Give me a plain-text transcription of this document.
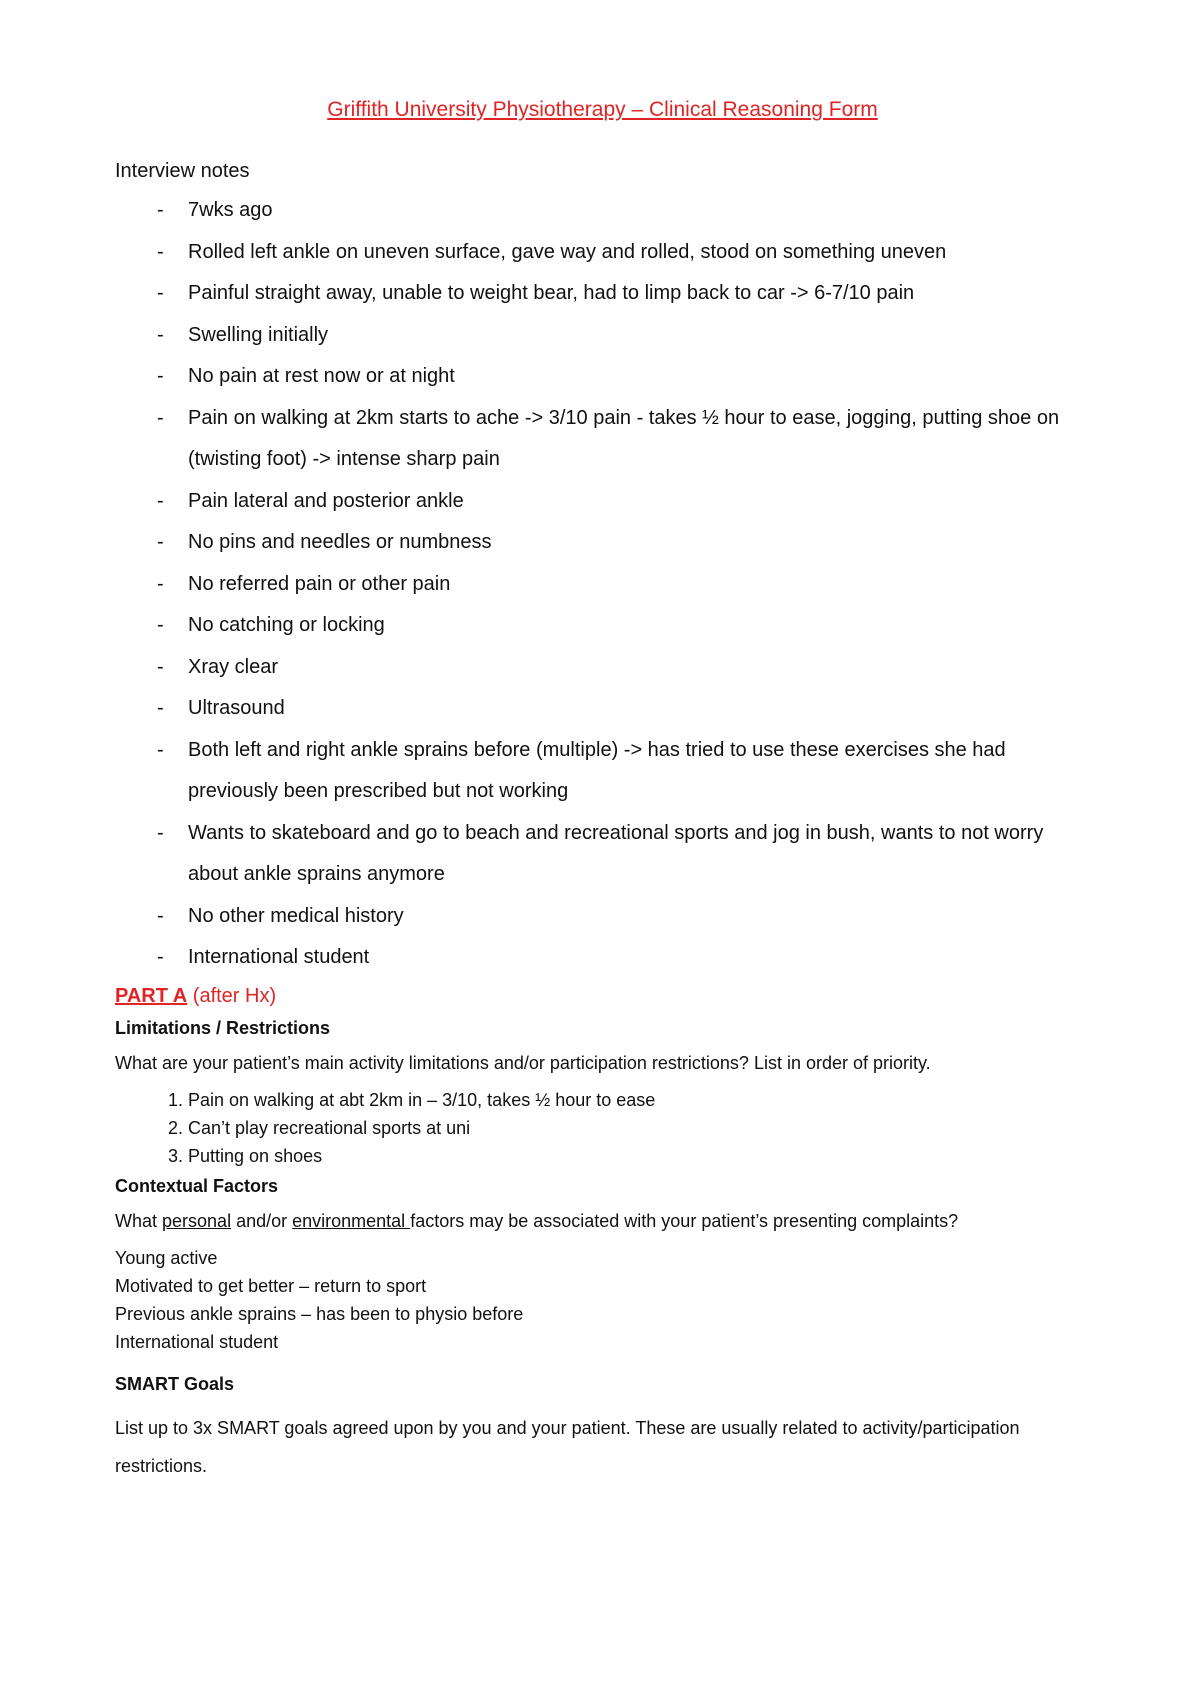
Griffith University Physiotherapy – Clinical Reasoning Form

Interview notes

- 7wks ago
- Rolled left ankle on uneven surface, gave way and rolled, stood on something uneven
- Painful straight away, unable to weight bear, had to limp back to car -> 6-7/10 pain
- Swelling initially
- No pain at rest now or at night
- Pain on walking at 2km starts to ache -> 3/10 pain - takes ½ hour to ease, jogging, putting shoe on (twisting foot) -> intense sharp pain
- Pain lateral and posterior ankle
- No pins and needles or numbness
- No referred pain or other pain
- No catching or locking
- Xray clear
- Ultrasound
- Both left and right ankle sprains before (multiple) -> has tried to use these exercises she had previously been prescribed but not working
- Wants to skateboard and go to beach and recreational sports and jog in bush, wants to not worry about ankle sprains anymore
- No other medical history
- International student

PART A (after Hx)

Limitations / Restrictions

What are your patient’s main activity limitations and/or participation restrictions? List in order of priority.

1. Pain on walking at abt 2km in – 3/10, takes ½ hour to ease
2. Can’t play recreational sports at uni
3. Putting on shoes

Contextual Factors

What personal and/or environmental factors may be associated with your patient’s presenting complaints?

Young active
Motivated to get better – return to sport
Previous ankle sprains – has been to physio before
International student

SMART Goals

List up to 3x SMART goals agreed upon by you and your patient. These are usually related to activity/participation restrictions.
